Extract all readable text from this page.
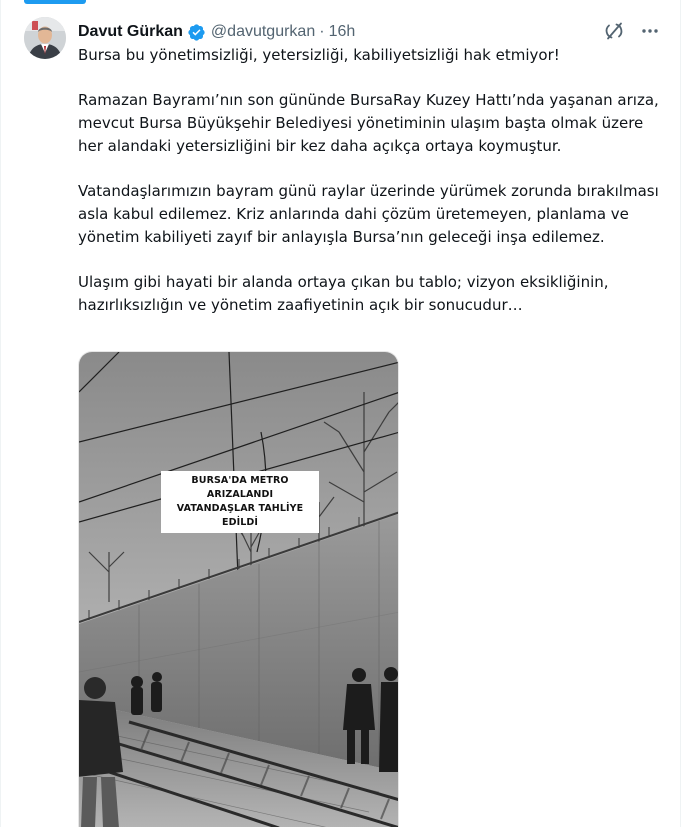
Davut Gürkan @davutgurkan · 16h
Bursa bu yönetimsizliği, yetersizliği, kabiliyetsizliği hak etmiyor!
Ramazan Bayramı’nın son gününde BursaRay Kuzey Hattı’nda yaşanan arıza, mevcut Bursa Büyükşehir Belediyesi yönetiminin ulaşım başta olmak üzere her alandaki yetersizliğini bir kez daha açıkça ortaya koymuştur.
Vatandaşlarımızın bayram günü raylar üzerinde yürümek zorunda bırakılması asla kabul edilemez. Kriz anlarında dahi çözüm üretemeyen, planlama ve yönetim kabiliyeti zayıf bir anlayışla Bursa’nın geleceği inşa edilemez.
Ulaşım gibi hayati bir alanda ortaya çıkan bu tablo; vizyon eksikliğinin, hazırlıksızlığın ve yönetim zaafiyetinin açık bir sonucudur…
BURSA'DA METRO ARIZALANDI
VATANDAŞLAR TAHLİYE EDİLDİ
